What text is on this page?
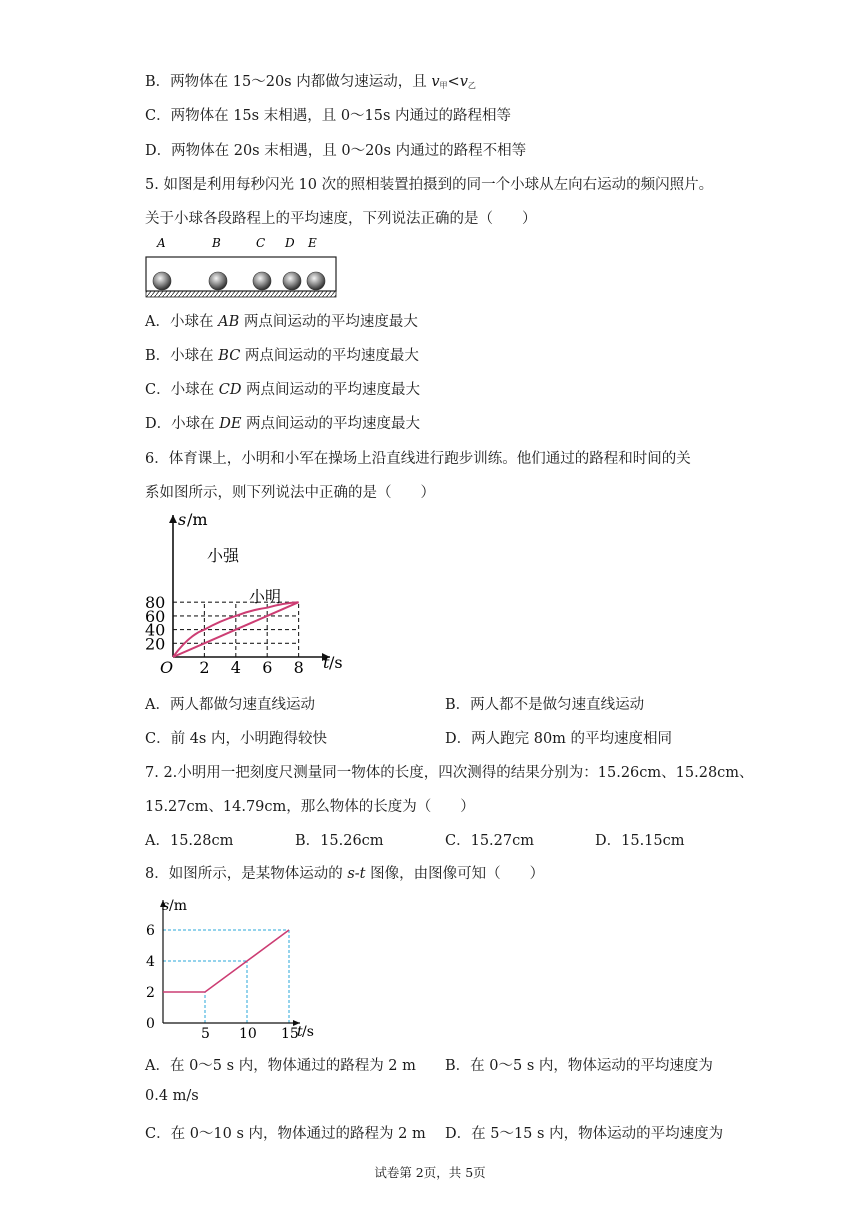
B．两物体在 15～20s 内都做匀速运动，且 $v_甲<v_乙$
C．两物体在 15s 末相遇，且 0～15s 内通过的路程相等
D．两物体在 20s 末相遇，且 0～20s 内通过的路程不相等
5. 如图是利用每秒闪光 10 次的照相装置拍摄到的同一个小球从左向右运动的频闪照片。
关于小球各段路程上的平均速度，下列说法正确的是（　　）
A	B	C D E
A．小球在 AB 两点间运动的平均速度最大
B．小球在 BC 两点间运动的平均速度最大
C．小球在 CD 两点间运动的平均速度最大
D．小球在 DE 两点间运动的平均速度最大
6．体育课上，小明和小军在操场上沿直线进行跑步训练。他们通过的路程和时间的关
系如图所示，则下列说法中正确的是（　　）
20
40
60
80
2 4 6 8
s /m
t /s
O
小强
小明
A．两人都做匀速直线运动	B．两人都不是做匀速直线运动
C．前 4s 内，小明跑得较快	D．两人跑完 80m 的平均速度相同
7. 2.小明用一把刻度尺测量同一物体的长度，四次测得的结果分别为：15.26cm、15.28cm、
15.27cm、14.79cm，那么物体的长度为（　　）
A．15.28cm	B．15.26cm	C．15.27cm	D．15.15cm
8．如图所示，是某物体运动的 s-t 图像，由图像可知（　　）
0
2
4
6
5 10 15
s /m
t /s
A．在 0～5 s 内，物体通过的路程为 2 m B．在 0～5 s 内，物体运动的平均速度为
0.4 m/s
C．在 0～10 s 内，物体通过的路程为 2 m D．在 5～15 s 内，物体运动的平均速度为
试卷第 2页，共 5页
